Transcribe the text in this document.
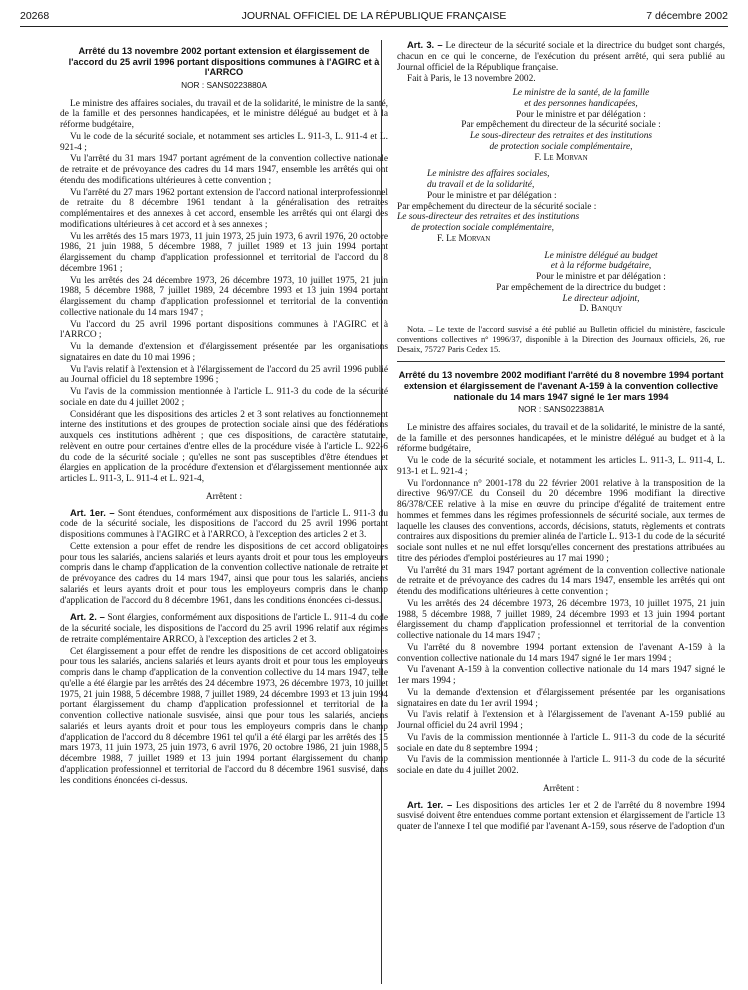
20268	JOURNAL OFFICIEL DE LA RÉPUBLIQUE FRANÇAISE	7 décembre 2002
Arrêté du 13 novembre 2002 portant extension et élargissement de l'accord du 25 avril 1996 portant dispositions communes à l'AGIRC et à l'ARRCO
NOR : SANS0223880A

Le ministre des affaires sociales, du travail et de la solidarité, le ministre de la santé, de la famille et des personnes handicapées, et le ministre délégué au budget et à la réforme budgétaire,

Vu le code de la sécurité sociale, et notamment ses articles L. 911-3, L. 911-4 et L. 921-4 ;

Vu l'arrêté du 31 mars 1947 portant agrément de la convention collective nationale de retraite et de prévoyance des cadres du 14 mars 1947, ensemble les arrêtés qui ont étendu des modifications ultérieures à cette convention ;

Vu l'arrêté du 27 mars 1962 portant extension de l'accord national interprofessionnel de retraite du 8 décembre 1961 tendant à la généralisation des retraites complémentaires et des annexes à cet accord, ensemble les arrêtés qui ont élargi des modifications ultérieures à cet accord et à ses annexes ;

Vu les arrêtés des 15 mars 1973, 11 juin 1973, 25 juin 1973, 6 avril 1976, 20 octobre 1986, 21 juin 1988, 5 décembre 1988, 7 juillet 1989 et 13 juin 1994 portant élargissement du champ d'application professionnel et territorial de l'accord du 8 décembre 1961 ;

Vu les arrêtés des 24 décembre 1973, 26 décembre 1973, 10 juillet 1975, 21 juin 1988, 5 décembre 1988, 7 juillet 1989, 24 décembre 1993 et 13 juin 1994 portant élargissement du champ d'application professionnel et territorial de la convention collective nationale du 14 mars 1947 ;

Vu l'accord du 25 avril 1996 portant dispositions communes à l'AGIRC et à l'ARRCO ;

Vu la demande d'extension et d'élargissement présentée par les organisations signataires en date du 10 mai 1996 ;

Vu l'avis relatif à l'extension et à l'élargissement de l'accord du 25 avril 1996 publié au Journal officiel du 18 septembre 1996 ;

Vu l'avis de la commission mentionnée à l'article L. 911-3 du code de la sécurité sociale en date du 4 juillet 2002 ;

Considérant que les dispositions des articles 2 et 3 sont relatives au fonctionnement interne des institutions et des groupes de protection sociale ainsi que des fédérations auxquels ces institutions adhèrent ; que ces dispositions, de caractère statutaire, relèvent en outre pour certaines d'entre elles de la procédure visée à l'article L. 922-6 du code de la sécurité sociale ; qu'elles ne sont pas susceptibles d'être étendues et élargies en application de la procédure d'extension et d'élargissement mentionnée aux articles L. 911-3, L. 911-4 et L. 921-4,

Arrêtent :

Art. 1er. – Sont étendues, conformément aux dispositions de l'article L. 911-3 du code de la sécurité sociale, les dispositions de l'accord du 25 avril 1996 portant dispositions communes à l'AGIRC et à l'ARRCO, à l'exception des articles 2 et 3.

Cette extension a pour effet de rendre les dispositions de cet accord obligatoires pour tous les salariés, anciens salariés et leurs ayants droit et pour tous les employeurs compris dans le champ d'application de la convention collective nationale de retraite et de prévoyance des cadres du 14 mars 1947, ainsi que pour tous les salariés, anciens salariés et leurs ayants droit et pour tous les employeurs compris dans le champ d'application de l'accord du 8 décembre 1961, dans les conditions énoncées ci-dessus.

Art. 2. – Sont élargies, conformément aux dispositions de l'article L. 911-4 du code de la sécurité sociale, les dispositions de l'accord du 25 avril 1996 relatif aux régimes de retraite complémentaire ARRCO, à l'exception des articles 2 et 3.

Cet élargissement a pour effet de rendre les dispositions de cet accord obligatoires pour tous les salariés, anciens salariés et leurs ayants droit et pour tous les employeurs compris dans le champ d'application de la convention collective du 14 mars 1947, telle qu'elle a été élargie par les arrêtés des 24 décembre 1973, 26 décembre 1973, 10 juillet 1975, 21 juin 1988, 5 décembre 1988, 7 juillet 1989, 24 décembre 1993 et 13 juin 1994 portant élargissement du champ d'application professionnel et territorial de la convention collective nationale susvisée, ainsi que pour tous les salariés, anciens salariés et leurs ayants droit et pour tous les employeurs compris dans le champ d'application de l'accord du 8 décembre 1961 tel qu'il a été élargi par les arrêtés des 15 mars 1973, 11 juin 1973, 25 juin 1973, 6 avril 1976, 20 octobre 1986, 21 juin 1988, 5 décembre 1988, 7 juillet 1989 et 13 juin 1994 portant élargissement du champ d'application professionnel et territorial de l'accord du 8 décembre 1961 susvisé, dans les conditions énoncées ci-dessus.

Art. 3. – Le directeur de la sécurité sociale et la directrice du budget sont chargés, chacun en ce qui le concerne, de l'exécution du présent arrêté, qui sera publié au Journal officiel de la République française.

Fait à Paris, le 13 novembre 2002.

Le ministre de la santé, de la famille
et des personnes handicapées,
Pour le ministre et par délégation :
Par empêchement du directeur de la sécurité sociale :
Le sous-directeur des retraites et des institutions
de protection sociale complémentaire,
F. Le Morvan
Le ministre des affaires sociales,
du travail et de la solidarité,
Pour le ministre et par délégation :
Par empêchement du directeur de la sécurité sociale :
Le sous-directeur des retraites et des institutions
de protection sociale complémentaire,
F. Le Morvan
Le ministre délégué au budget
et à la réforme budgétaire,
Pour le ministre et par délégation :
Par empêchement de la directrice du budget :
Le directeur adjoint,
D. Banquy

Nota. – Le texte de l'accord susvisé a été publié au Bulletin officiel du ministère, fascicule conventions collectives n° 1996/37, disponible à la Direction des Journaux officiels, 26, rue Desaix, 75727 Paris Cedex 15.

Arrêté du 13 novembre 2002 modifiant l'arrêté du 8 novembre 1994 portant extension et élargissement de l'avenant A-159 à la convention collective nationale du 14 mars 1947 signé le 1er mars 1994
NOR : SANS0223881A

Le ministre des affaires sociales, du travail et de la solidarité, le ministre de la santé, de la famille et des personnes handicapées, et le ministre délégué au budget et à la réforme budgétaire,

Vu le code de la sécurité sociale, et notamment les articles L. 911-3, L. 911-4, L. 913-1 et L. 921-4 ;

Vu l'ordonnance n° 2001-178 du 22 février 2001 relative à la transposition de la directive 96/97/CE du Conseil du 20 décembre 1996 modifiant la directive 86/378/CEE relative à la mise en œuvre du principe d'égalité de traitement entre hommes et femmes dans les régimes professionnels de sécurité sociale, aux termes de laquelle les clauses des conventions, accords, décisions, statuts, règlements et contrats contraires aux dispositions du premier alinéa de l'article L. 913-1 du code de la sécurité sociale sont nulles et ne nul effet lorsqu'elles concernent des prestations attribuées au titre des périodes d'emploi postérieures au 17 mai 1990 ;

Vu l'arrêté du 31 mars 1947 portant agrément de la convention collective nationale de retraite et de prévoyance des cadres du 14 mars 1947, ensemble les arrêtés qui ont étendu des modifications ultérieures à cette convention ;

Vu les arrêtés des 24 décembre 1973, 26 décembre 1973, 10 juillet 1975, 21 juin 1988, 5 décembre 1988, 7 juillet 1989, 24 décembre 1993 et 13 juin 1994 portant élargissement du champ d'application professionnel et territorial de la convention collective nationale du 14 mars 1947 ;

Vu l'arrêté du 8 novembre 1994 portant extension de l'avenant A-159 à la convention collective nationale du 14 mars 1947 signé le 1er mars 1994 ;

Vu l'avenant A-159 à la convention collective nationale du 14 mars 1947 signé le 1er mars 1994 ;

Vu la demande d'extension et d'élargissement présentée par les organisations signataires en date du 1er avril 1994 ;

Vu l'avis relatif à l'extension et à l'élargissement de l'avenant A-159 publié au Journal officiel du 24 avril 1994 ;

Vu l'avis de la commission mentionnée à l'article L. 911-3 du code de la sécurité sociale en date du 8 septembre 1994 ;

Vu l'avis de la commission mentionnée à l'article L. 911-3 du code de la sécurité sociale en date du 4 juillet 2002.

Arrêtent :

Art. 1er. – Les dispositions des articles 1er et 2 de l'arrêté du 8 novembre 1994 susvisé doivent être entendues comme portant extension et élargissement de l'article 13 quater de l'annexe I tel que modifié par l'avenant A-159, sous réserve de l'adoption d'un
